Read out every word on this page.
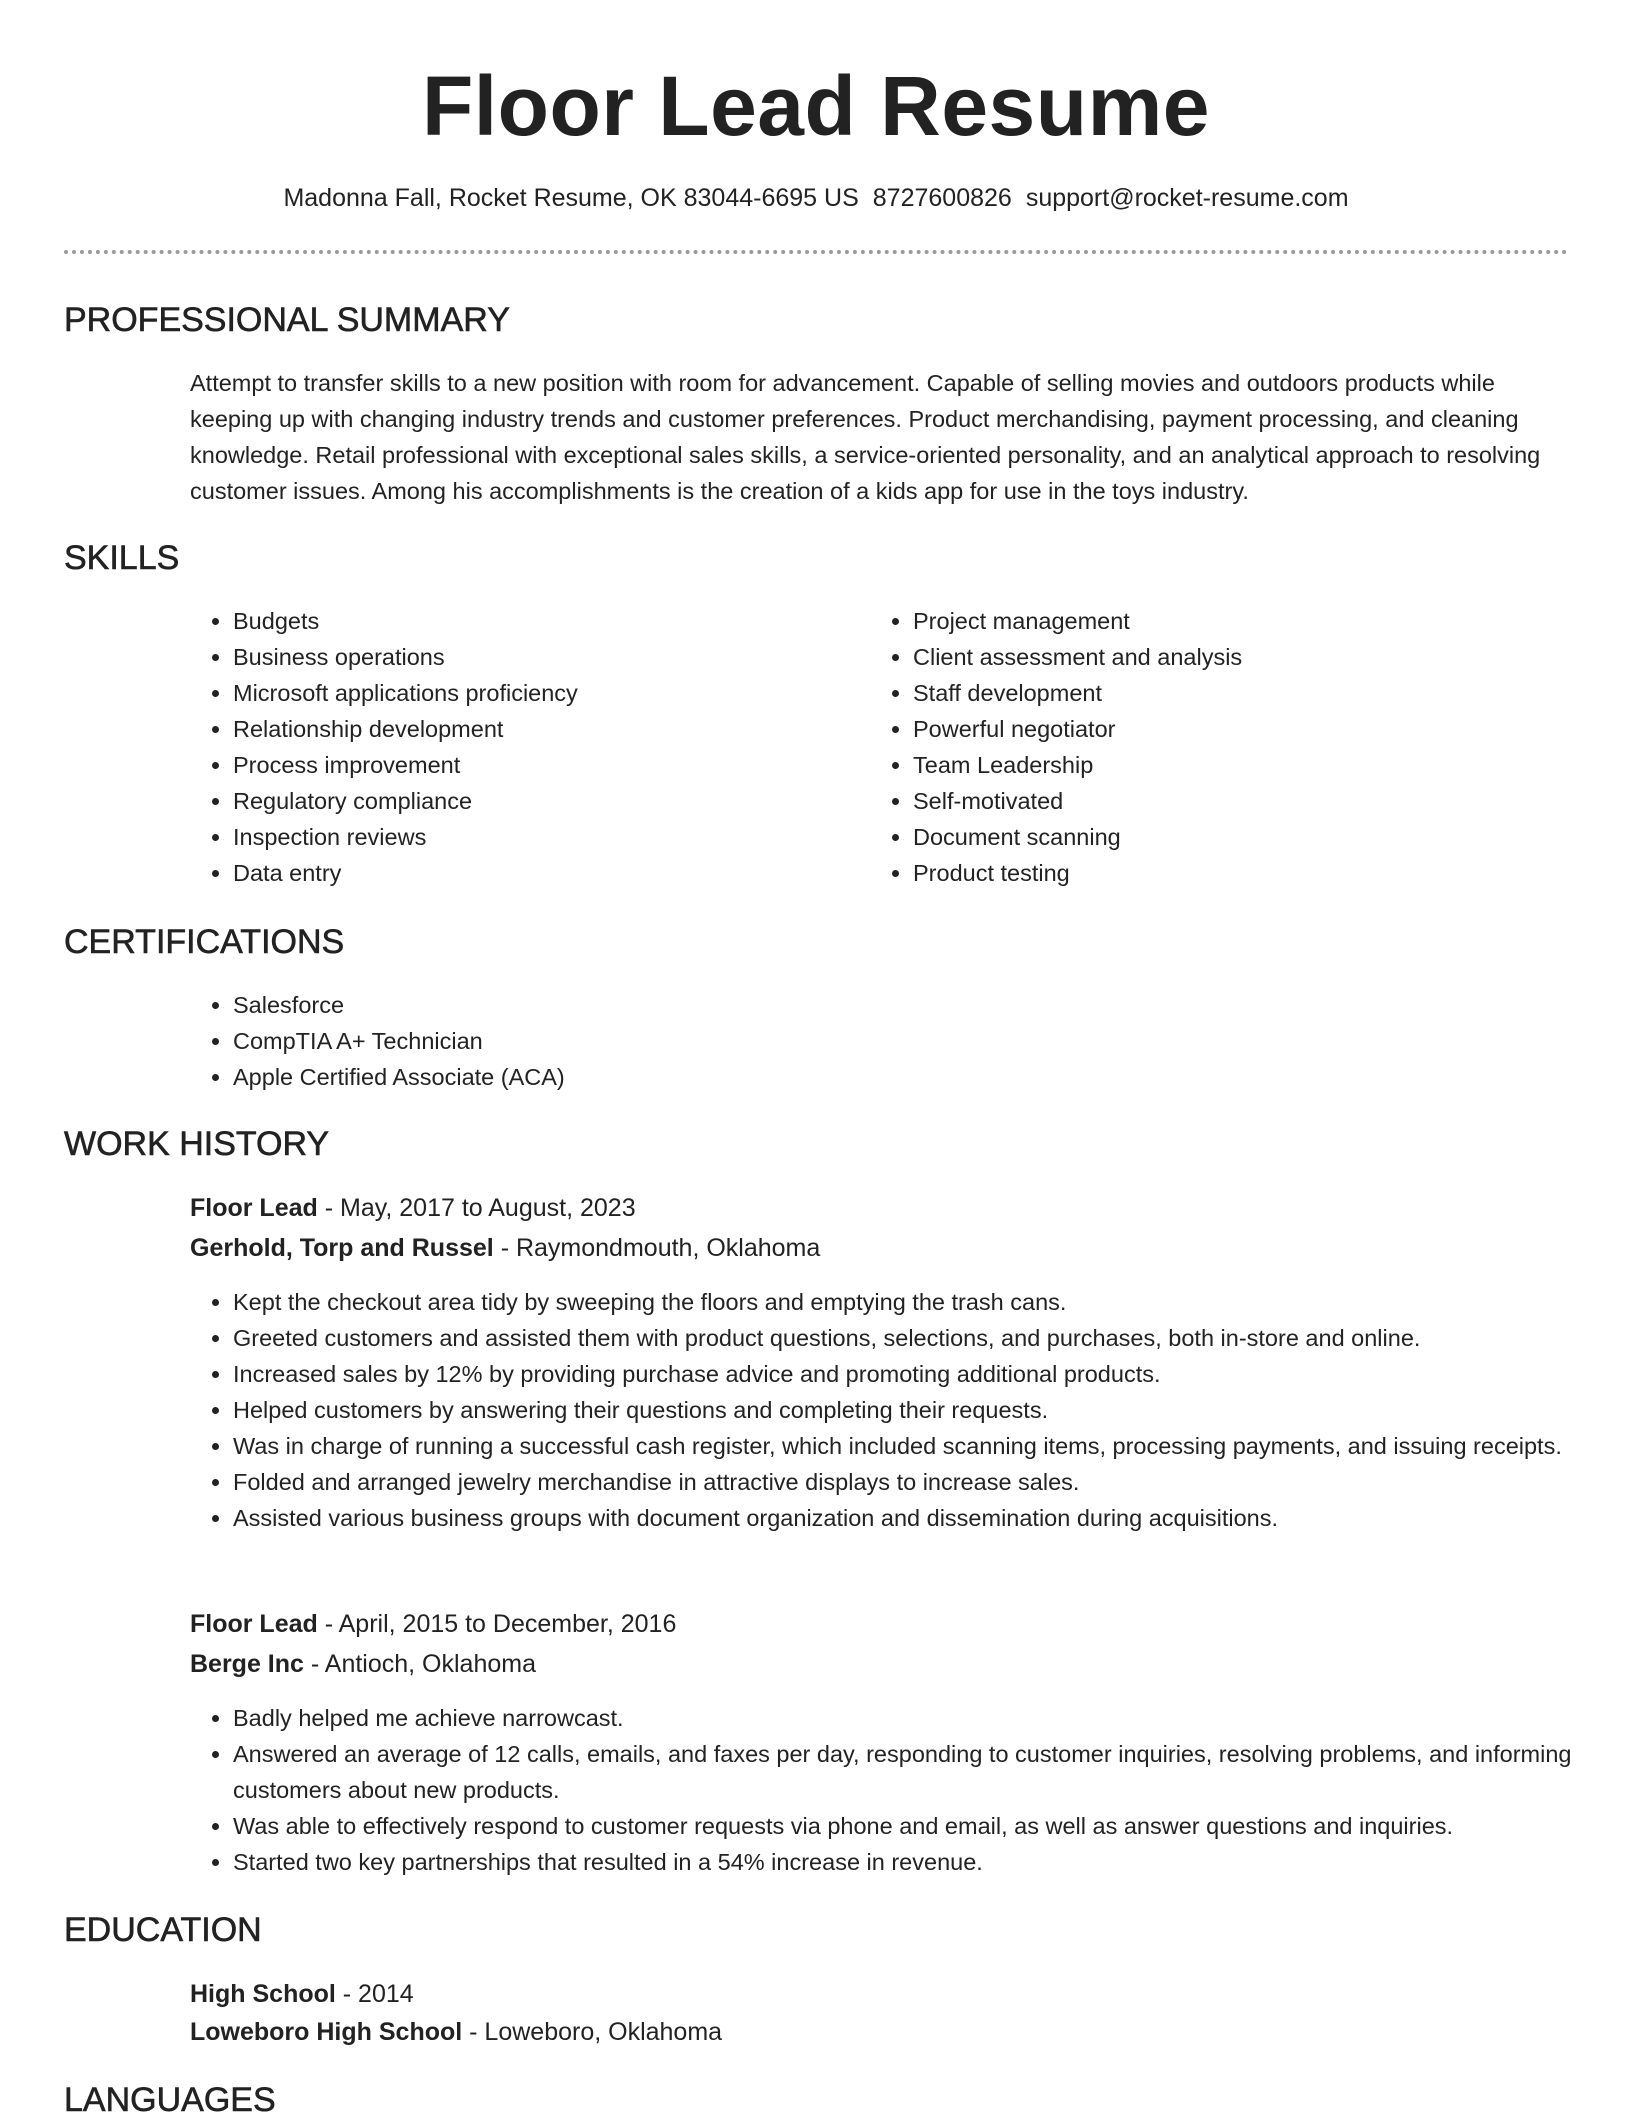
Floor Lead Resume
Madonna Fall, Rocket Resume, OK 83044-6695 US 8727600826 support@rocket-resume.com
PROFESSIONAL SUMMARY
Attempt to transfer skills to a new position with room for advancement. Capable of selling movies and outdoors products while keeping up with changing industry trends and customer preferences. Product merchandising, payment processing, and cleaning knowledge. Retail professional with exceptional sales skills, a service-oriented personality, and an analytical approach to resolving customer issues. Among his accomplishments is the creation of a kids app for use in the toys industry.
SKILLS
• Budgets
• Business operations
• Microsoft applications proficiency
• Relationship development
• Process improvement
• Regulatory compliance
• Inspection reviews
• Data entry
• Project management
• Client assessment and analysis
• Staff development
• Powerful negotiator
• Team Leadership
• Self-motivated
• Document scanning
• Product testing
CERTIFICATIONS
• Salesforce
• CompTIA A+ Technician
• Apple Certified Associate (ACA)
WORK HISTORY
Floor Lead - May, 2017 to August, 2023
Gerhold, Torp and Russel - Raymondmouth, Oklahoma
• Kept the checkout area tidy by sweeping the floors and emptying the trash cans.
• Greeted customers and assisted them with product questions, selections, and purchases, both in-store and online.
• Increased sales by 12% by providing purchase advice and promoting additional products.
• Helped customers by answering their questions and completing their requests.
• Was in charge of running a successful cash register, which included scanning items, processing payments, and issuing receipts.
• Folded and arranged jewelry merchandise in attractive displays to increase sales.
• Assisted various business groups with document organization and dissemination during acquisitions.
Floor Lead - April, 2015 to December, 2016
Berge Inc - Antioch, Oklahoma
• Badly helped me achieve narrowcast.
• Answered an average of 12 calls, emails, and faxes per day, responding to customer inquiries, resolving problems, and informing customers about new products.
• Was able to effectively respond to customer requests via phone and email, as well as answer questions and inquiries.
• Started two key partnerships that resulted in a 54% increase in revenue.
EDUCATION
High School - 2014
Loweboro High School - Loweboro, Oklahoma
LANGUAGES
